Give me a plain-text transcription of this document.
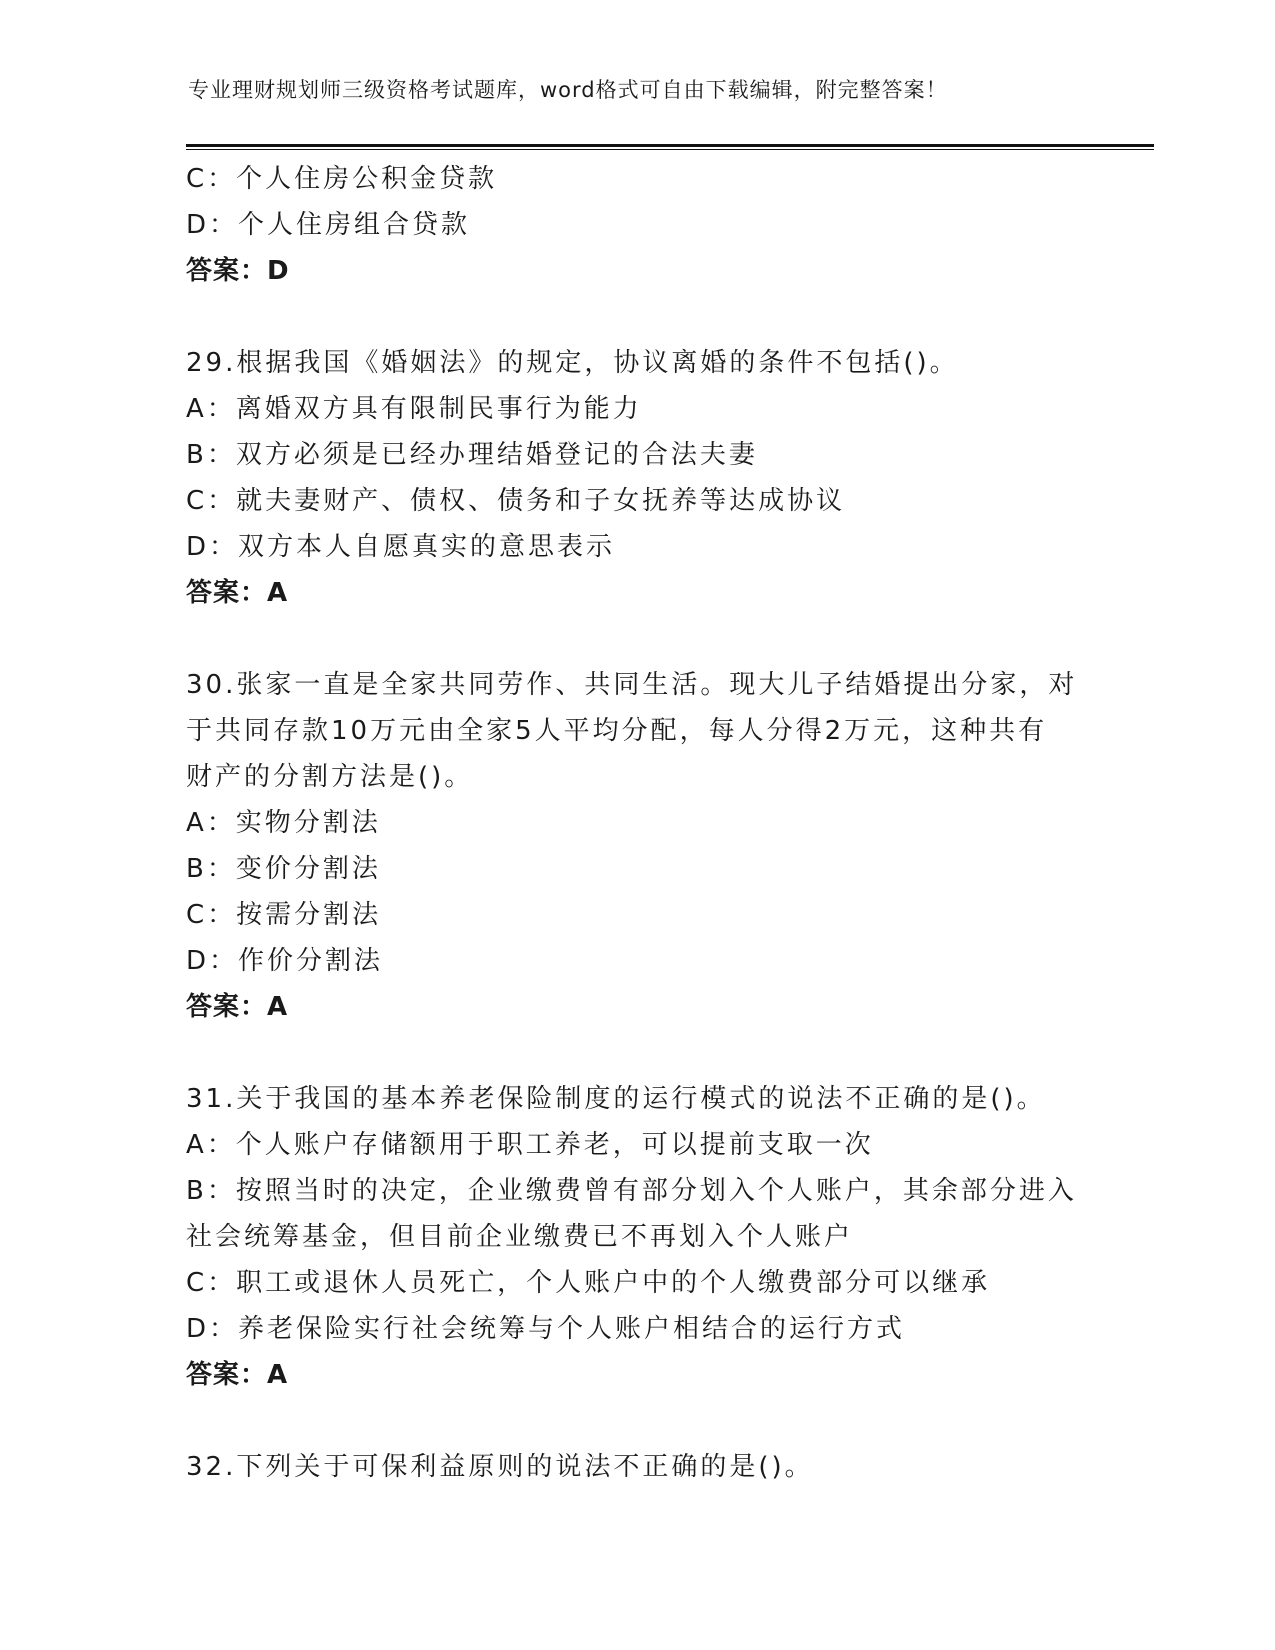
专业理财规划师三级资格考试题库，word格式可自由下载编辑，附完整答案！
C：个人住房公积金贷款
D：个人住房组合贷款
答案：D
29.根据我国《婚姻法》的规定，协议离婚的条件不包括()。
A：离婚双方具有限制民事行为能力
B：双方必须是已经办理结婚登记的合法夫妻
C：就夫妻财产、债权、债务和子女抚养等达成协议
D：双方本人自愿真实的意思表示
答案：A
30.张家一直是全家共同劳作、共同生活。现大儿子结婚提出分家，对
于共同存款10万元由全家5人平均分配，每人分得2万元，这种共有
财产的分割方法是()。
A：实物分割法
B：变价分割法
C：按需分割法
D：作价分割法
答案：A
31.关于我国的基本养老保险制度的运行模式的说法不正确的是()。
A：个人账户存储额用于职工养老，可以提前支取一次
B：按照当时的决定，企业缴费曾有部分划入个人账户，其余部分进入
社会统筹基金，但目前企业缴费已不再划入个人账户
C：职工或退休人员死亡，个人账户中的个人缴费部分可以继承
D：养老保险实行社会统筹与个人账户相结合的运行方式
答案：A
32.下列关于可保利益原则的说法不正确的是()。
